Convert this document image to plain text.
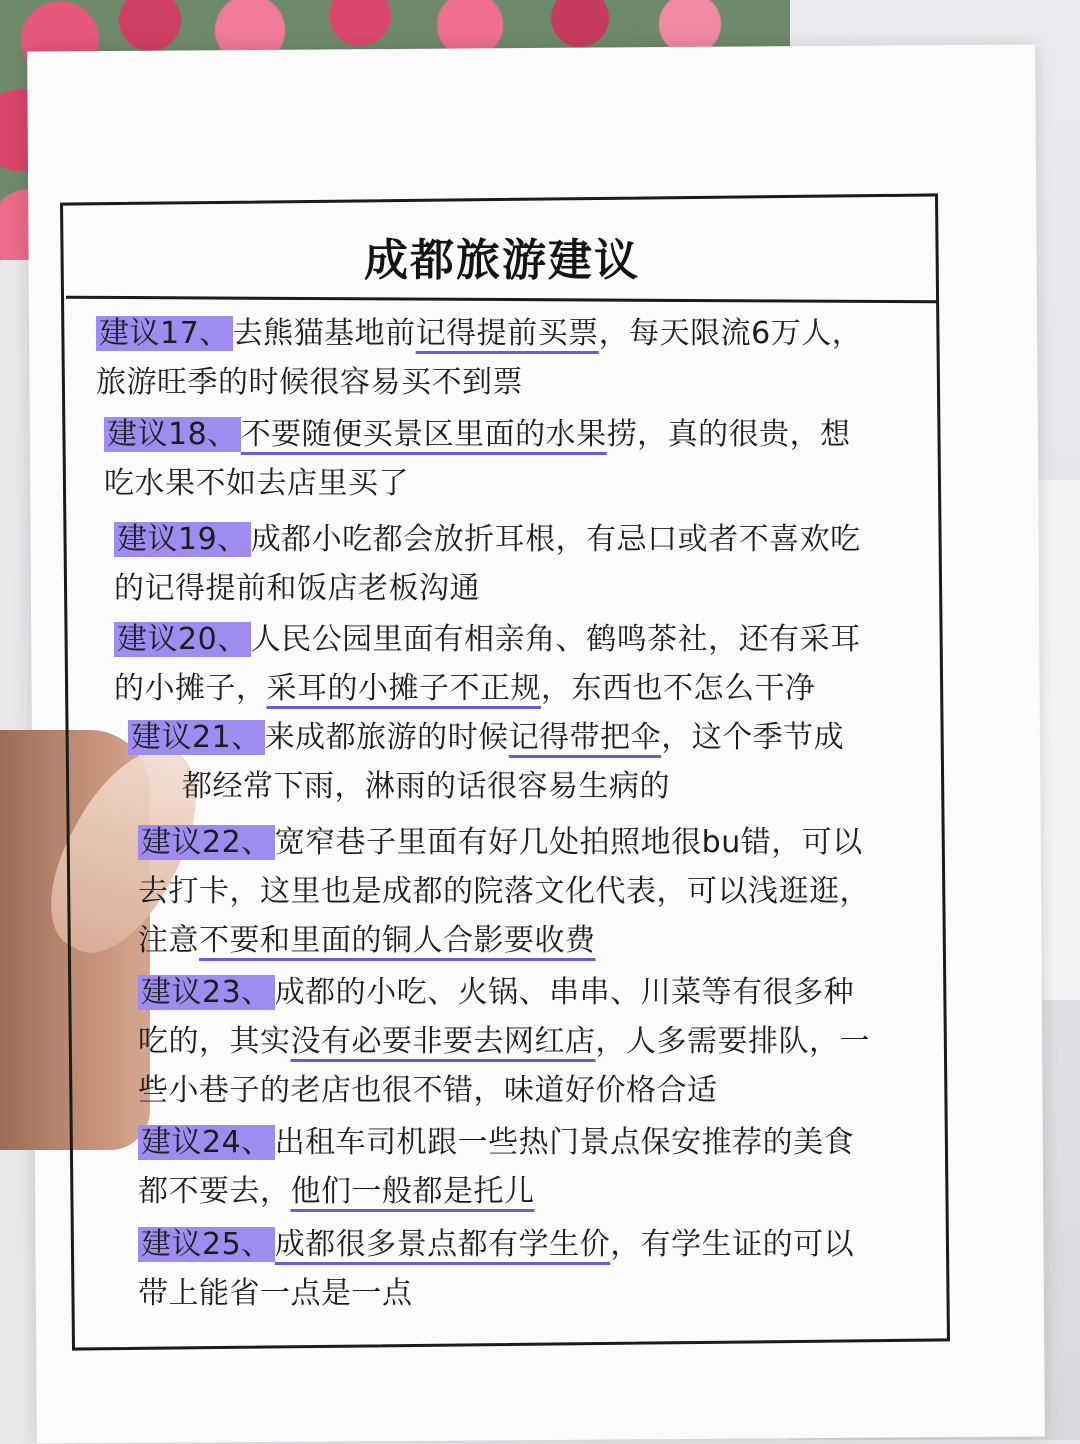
成都旅游建议

建议17、 去熊猫基地前记得提前买票，每天限流6万人，
旅游旺季的时候很容易买不到票

建议18、 不要随便买景区里面的水果捞，真的很贵，想
吃水果不如去店里买了

建议19、 成都小吃都会放折耳根，有忌口或者不喜欢吃
的记得提前和饭店老板沟通

建议20、 人民公园里面有相亲角、鹤鸣茶社，还有采耳
的小摊子，采耳的小摊子不正规，东西也不怎么干净

建议21、 来成都旅游的时候记得带把伞，这个季节成
都经常下雨，淋雨的话很容易生病的

建议22、 宽窄巷子里面有好几处拍照地很bu错，可以
去打卡，这里也是成都的院落文化代表，可以浅逛逛，
注意不要和里面的铜人合影要收费

建议23、 成都的小吃、火锅、串串、川菜等有很多种
吃的，其实没有必要非要去网红店，人多需要排队，一
些小巷子的老店也很不错，味道好价格合适

建议24、 出租车司机跟一些热门景点保安推荐的美食
都不要去，他们一般都是托儿

建议25、 成都很多景点都有学生价，有学生证的可以
带上能省一点是一点
